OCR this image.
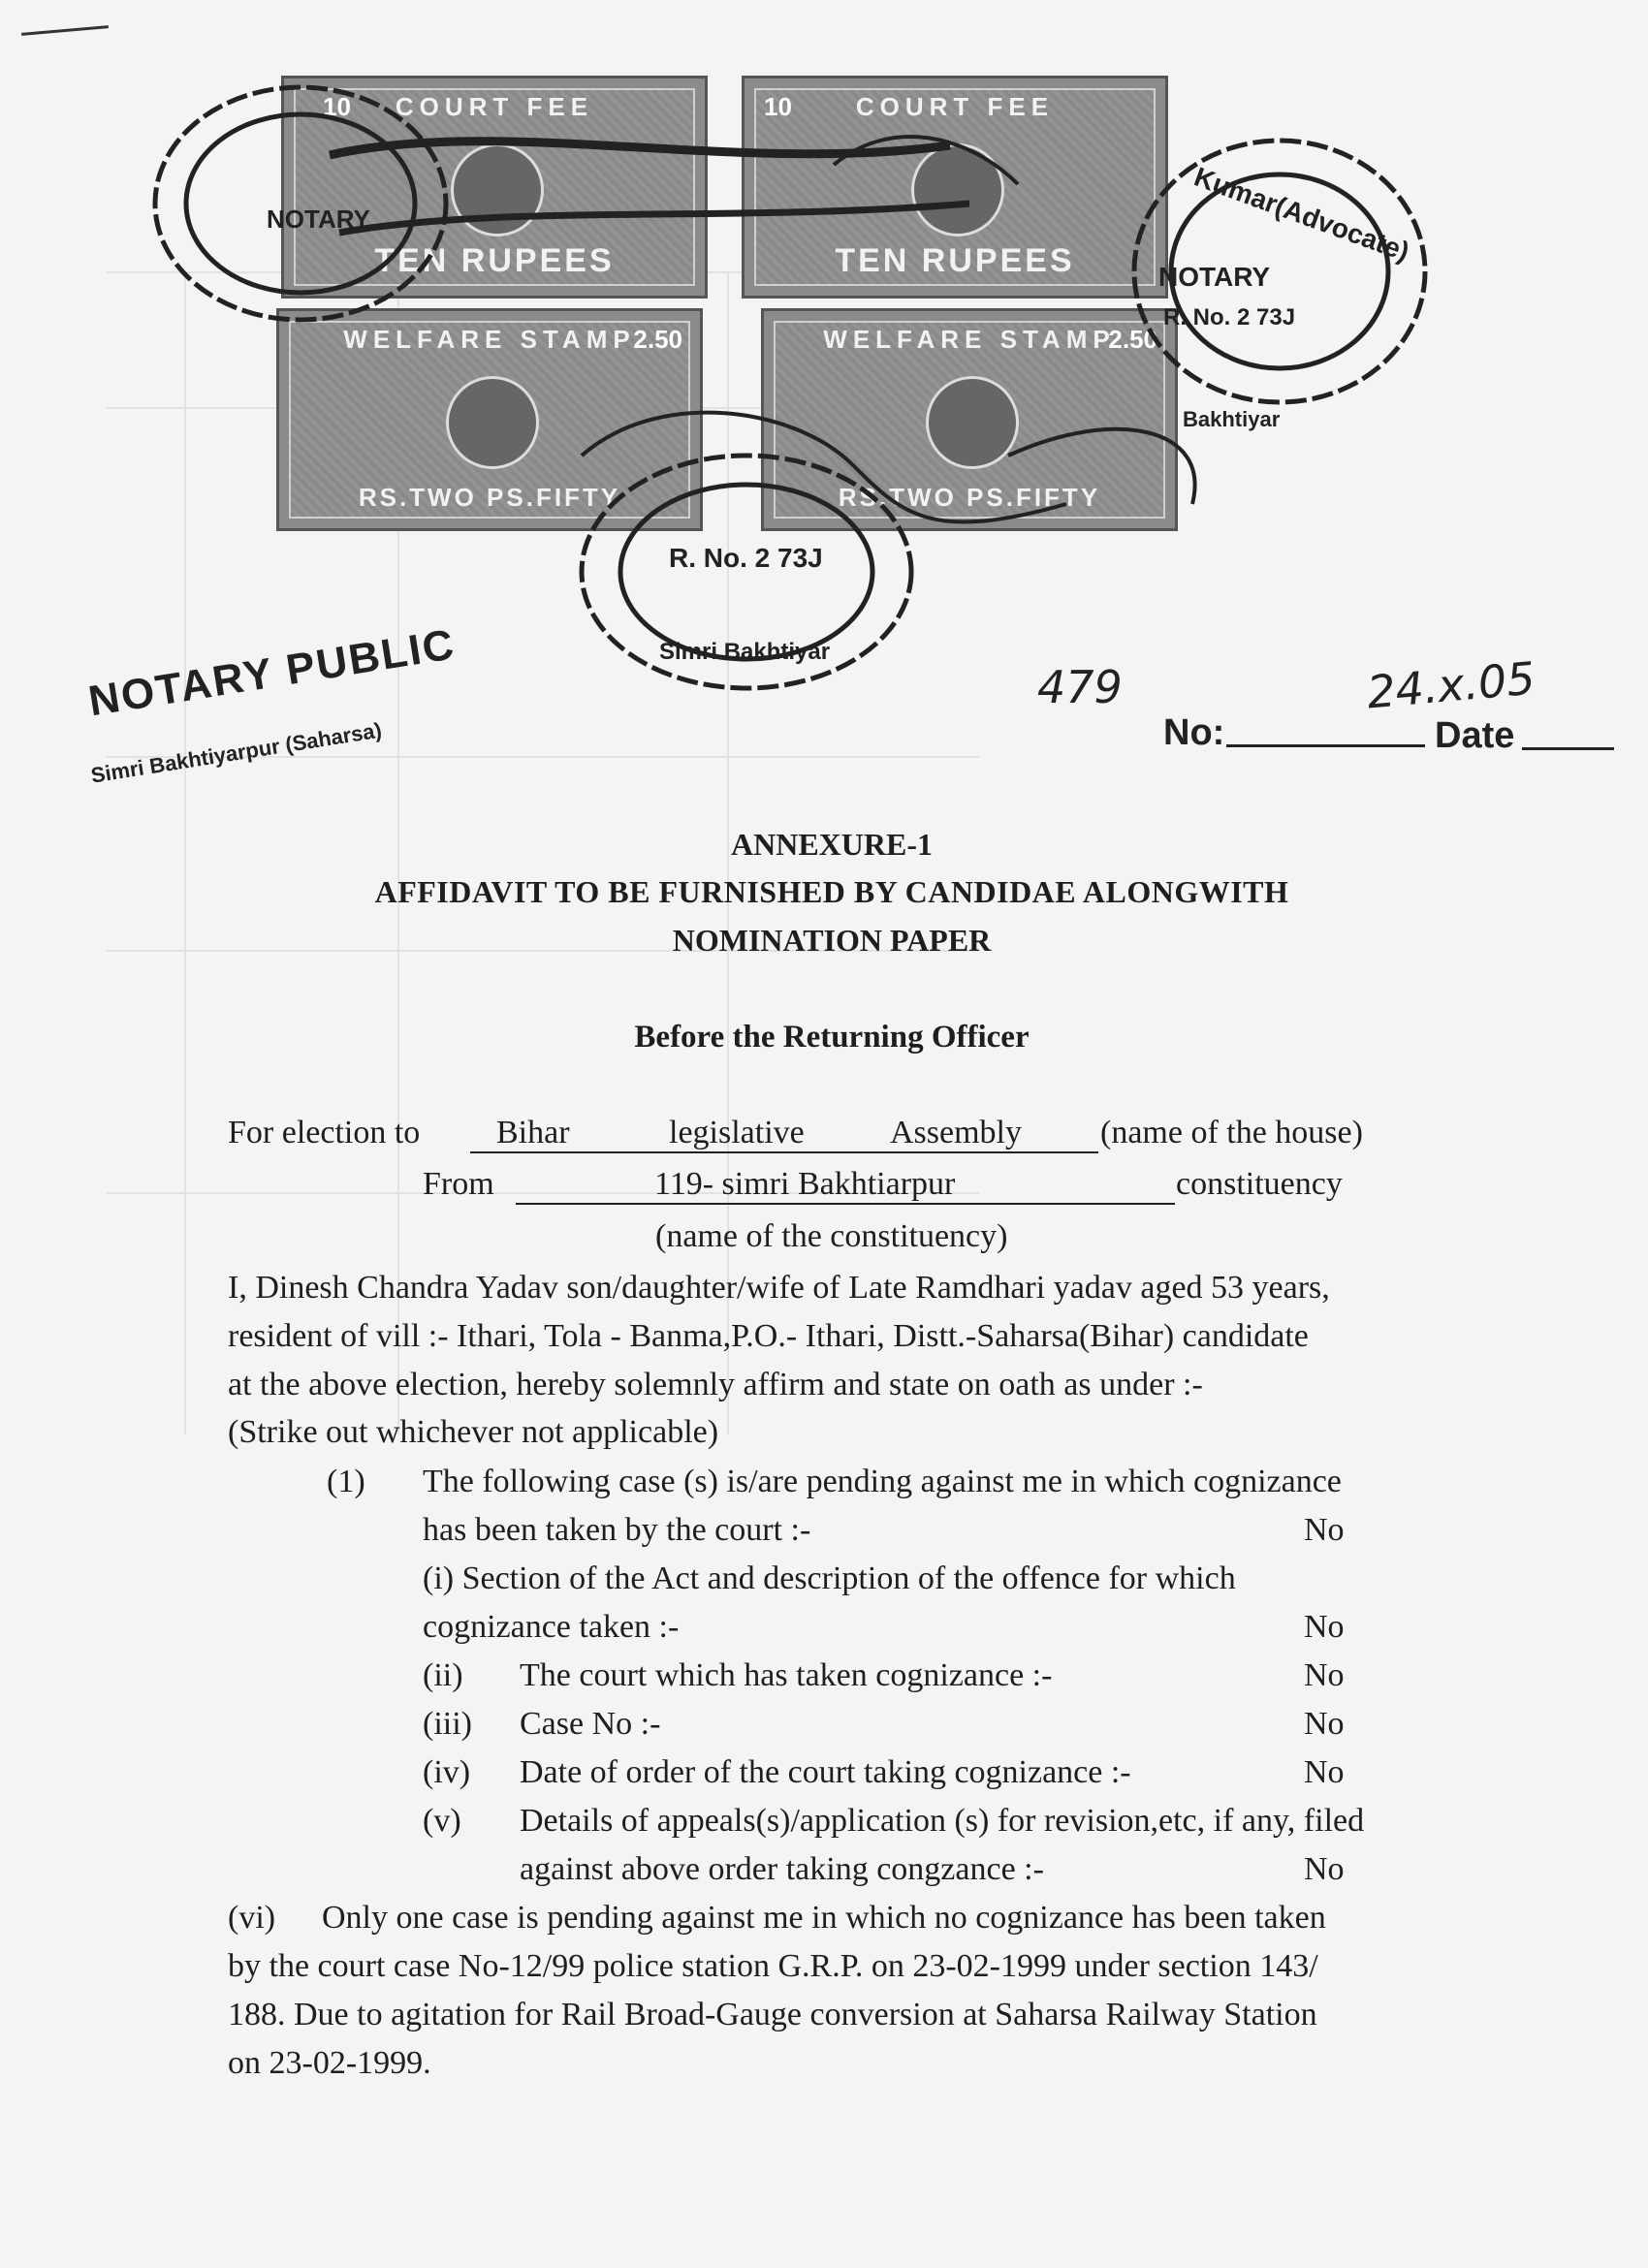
10	COURT FEE
TEN RUPEES
10	COURT FEE
TEN RUPEES
2.50
WELFARE STAMP
RS.TWO PS.FIFTY
2.50
WELFARE STAMP
RS.TWO PS.FIFTY
NOTARY
NOTARY
R. No. 2 73J
R. No. 2 73J
Kumar(Advocate)
Bakhtiyar
Simri Bakhtiyar
NOTARY PUBLIC
Simri Bakhtiyarpur (Saharsa)
479
No:
24.x.05
Date
ANNEXURE-1
AFFIDAVIT TO BE FURNISHED BY CANDIDAE ALONGWITH
NOMINATION PAPER
Before the Returning Officer
For election to Bihar	legislative	Assembly (name of the house)
From	119- simri Bakhtiarpur	constituency
(name of the constituency)
I, Dinesh Chandra Yadav son/daughter/wife of Late Ramdhari yadav aged 53 years,
resident of vill :- Ithari, Tola - Banma,P.O.- Ithari, Distt.-Saharsa(Bihar) candidate
at the above election, hereby solemnly affirm and state on oath as under :-
(Strike out whichever not applicable)
(1) The following case (s) is/are pending against me in which cognizance
has been taken by the court :-	No
(i) Section of the Act and description of the offence for which
cognizance taken :-	No
(ii) The court which has taken cognizance :-	No
(iii) Case No :-	No
(iv) Date of order of the court taking cognizance :-	No
(v) Details of appeals(s)/application (s) for revision,etc, if any, filed
against above order taking congzance :-	No
(vi) Only one case is pending against me in which no cognizance has been taken
by the court case No-12/99 police station G.R.P. on 23-02-1999 under section 143/
188. Due to agitation for Rail Broad-Gauge conversion at Saharsa Railway Station
on 23-02-1999.
